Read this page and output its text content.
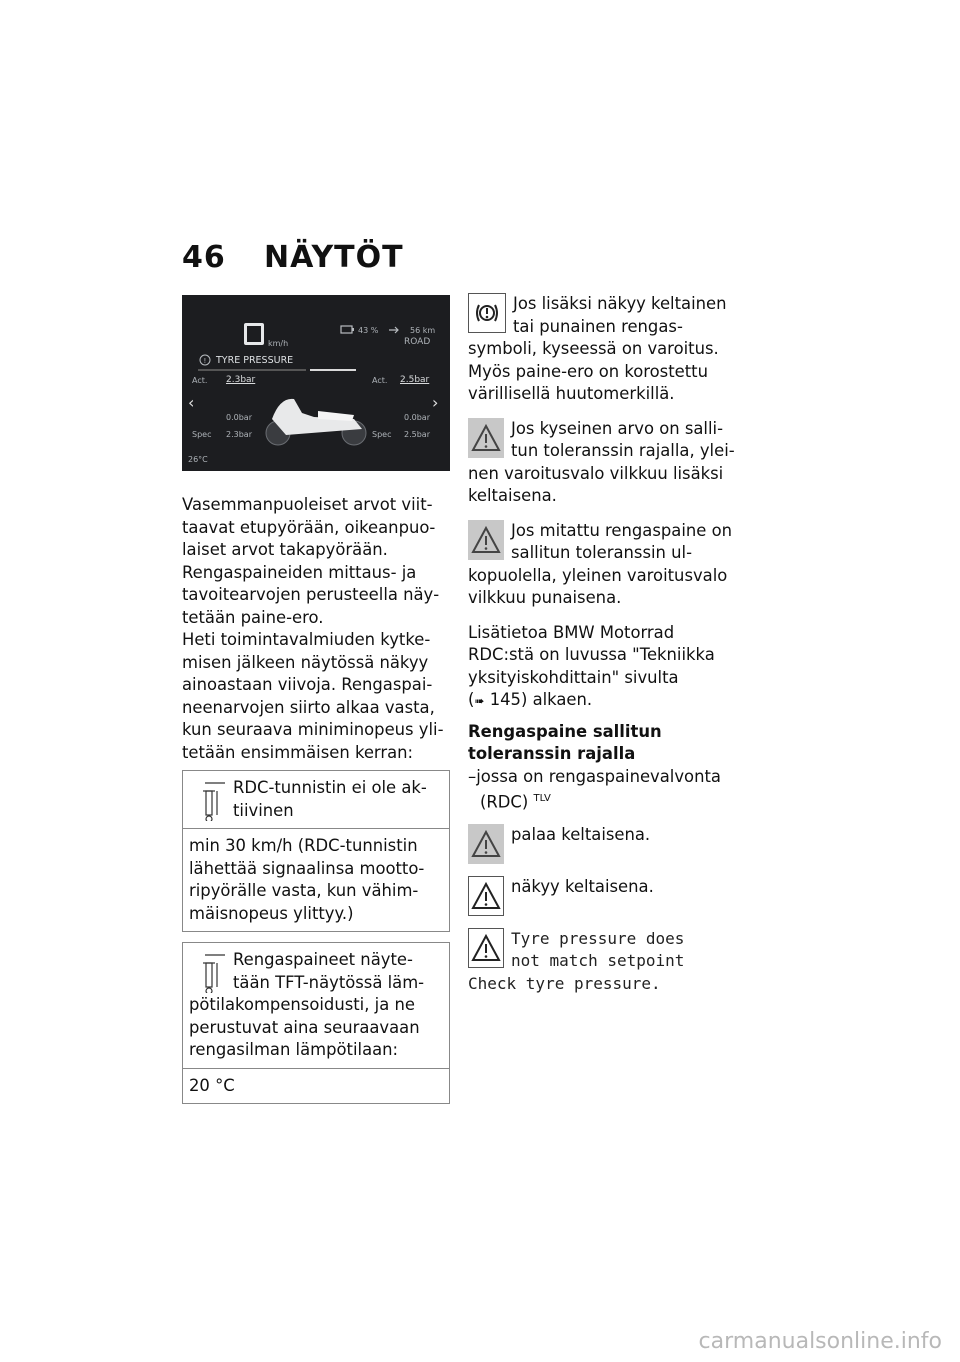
46 NÄYTÖT
km/h
43 %	56 km
ROAD
! TYRE PRESSURE
Act. 2.3bar	Act. 2.5bar
‹	›
0.0bar	0.0bar
Spec 2.3bar	Spec 2.5bar
26°C

Vasemmanpuoleiset arvot viittaavat etupyörään, oikeanpuolaiset arvot takapyörään.

Rengaspaineiden mittaus- ja tavoitearvojen perusteella näytetään paine-ero.

Heti toimintavalmiuden kytkemisen jälkeen näytössä näkyy ainoastaan viivoja. Rengaspaineenarvojen siirto alkaa vasta, kun seuraava miniminopeus ylitetään ensimmäisen kerran:

RDC-tunnistin ei ole aktiivinen
min 30 km/h (RDC-tunnistin lähettää signaalinsa moottoripyörälle vasta, kun vähimmäisnopeus ylittyy.)
Rengaspaineet näytetään TFT-näytössä lämpötilakompensoidusti, ja ne perustuvat aina seuraavaan rengasilman lämpötilaan:
20 °C

Jos lisäksi näkyy keltainen tai punainen rengassymboli, kyseessä on varoitus. Myös paine-ero on korostettu värillisellä huutomerkillä.

Jos kyseinen arvo on sallitun toleranssin rajalla, yleinen varoitusvalo vilkkuu lisäksi keltaisena.

Jos mitattu rengaspaine on sallitun toleranssin ulkopuolella, yleinen varoitusvalo vilkkuu punaisena.

Lisätietoa BMW Motorrad RDC:stä on luvussa "Tekniikka yksityiskohdittain" sivulta

(➠ 145) alkaen.

Rengaspaine sallitun toleranssin rajalla

–jossa on rengaspainevalvonta

(RDC) $^{TLV}$

palaa keltaisena.

näkyy keltaisena.

Tyre pressure does
not match setpoint
Check tyre pressure.
carmanualsonline.info
